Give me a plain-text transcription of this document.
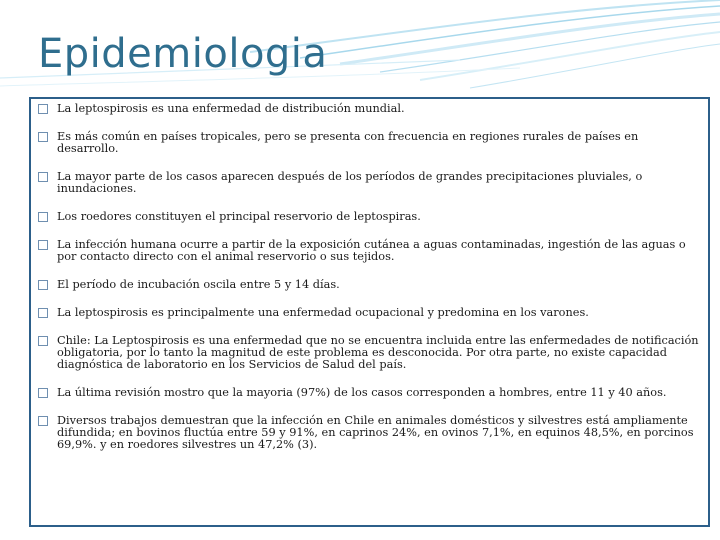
Epidemiologia
La leptospirosis es una enfermedad de distribución mundial.
Es más común en países tropicales, pero se presenta con frecuencia en regiones rurales de países en desarrollo.
La mayor parte de los casos aparecen después de los períodos de grandes precipitaciones pluviales, o inundaciones.
Los roedores constituyen el principal reservorio de leptospiras.
La infección humana ocurre a partir de la exposición cutánea a aguas contaminadas, ingestión de las aguas o por contacto directo con el animal reservorio o sus tejidos.
El período de incubación oscila entre 5 y 14 días.
La leptospirosis es principalmente una enfermedad ocupacional y predomina en los varones.
Chile: La Leptospirosis es una enfermedad que no se encuentra incluida entre las enfermedades de notificación obligatoria, por lo tanto la magnitud de este problema es desconocida. Por otra parte, no existe capacidad diagnóstica de laboratorio en los Servicios de Salud del país.
La última revisión mostro que la mayoria (97%) de los casos corresponden a hombres, entre 11 y 40 años.
Diversos trabajos demuestran que la infección en Chile en animales domésticos y silvestres está ampliamente difundida; en bovinos fluctúa entre 59 y 91%, en caprinos 24%, en ovinos 7,1%, en equinos 48,5%, en porcinos 69,9%. y en roedores silvestres un 47,2% (3).
